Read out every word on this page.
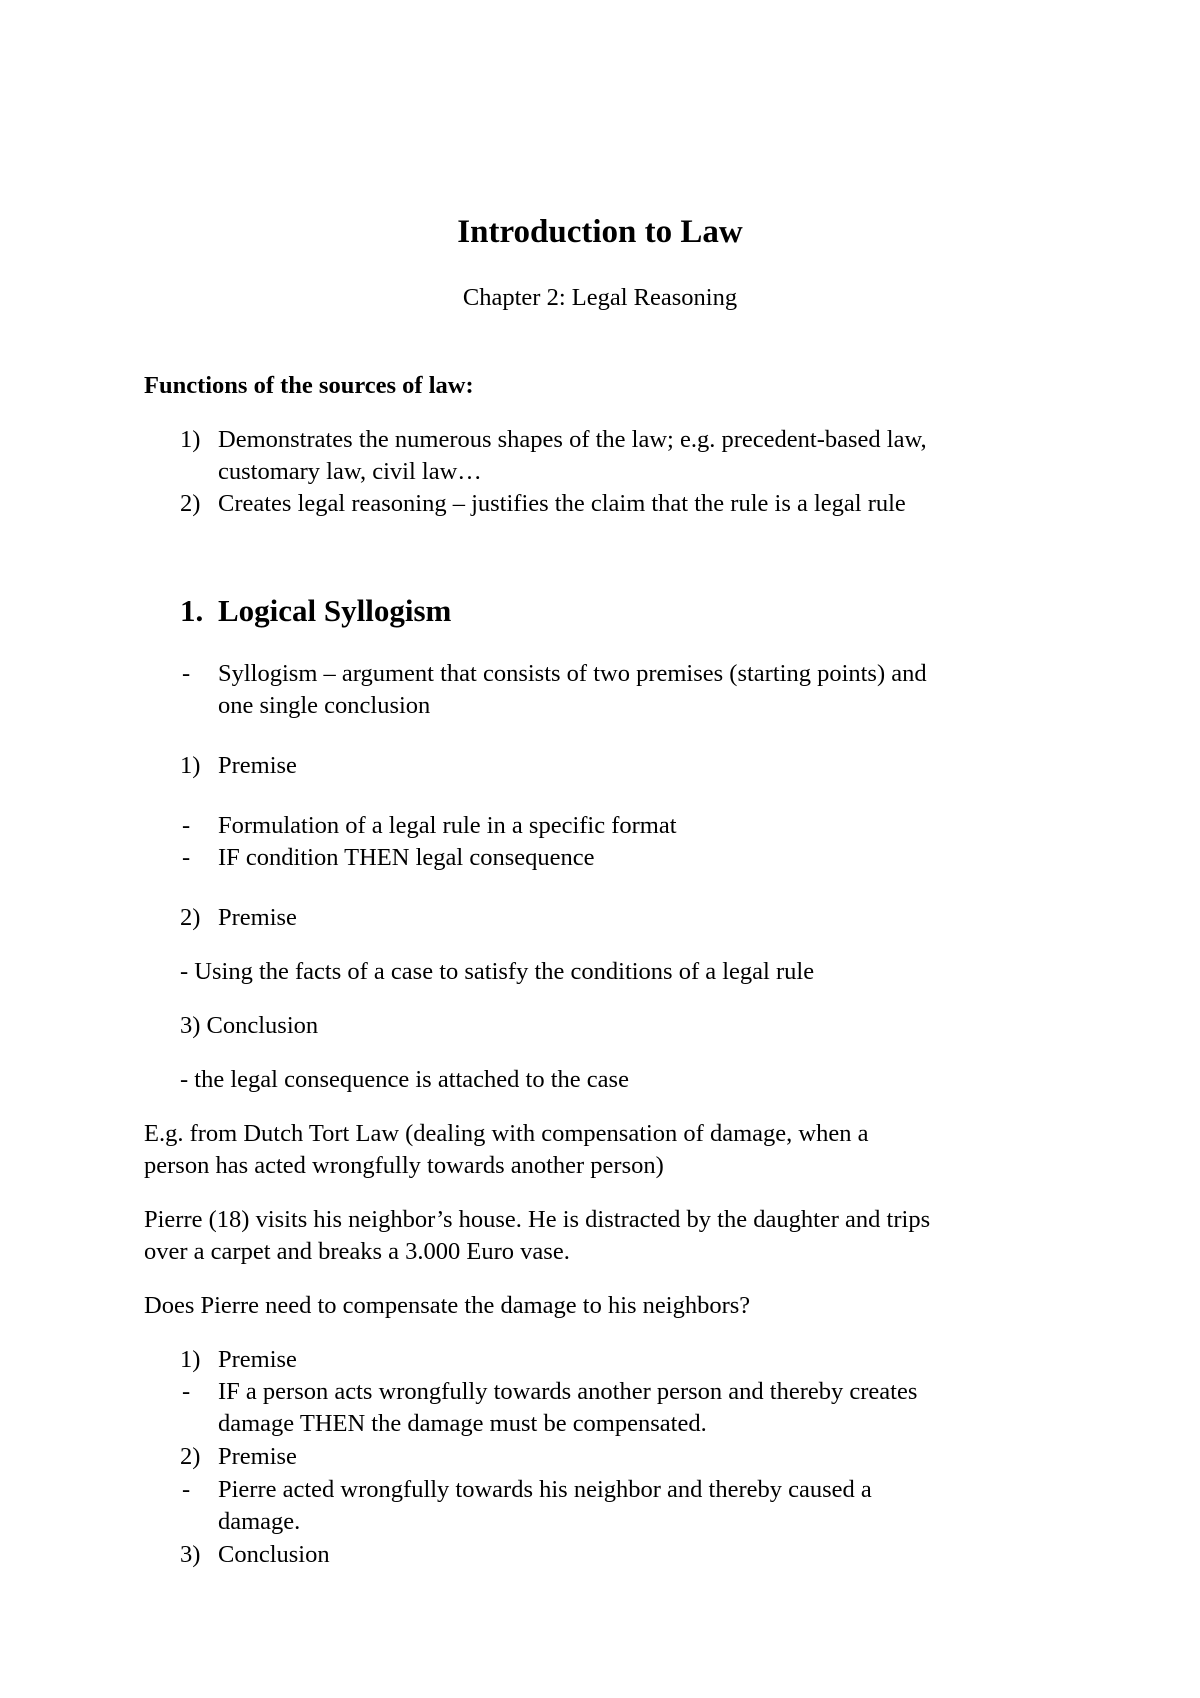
Introduction to Law
Chapter 2: Legal Reasoning
Functions of the sources of law:
1) Demonstrates the numerous shapes of the law; e.g. precedent-based law,
customary law, civil law…
2) Creates legal reasoning – justifies the claim that the rule is a legal rule
1. Logical Syllogism
- Syllogism – argument that consists of two premises (starting points) and
one single conclusion
1) Premise
- Formulation of a legal rule in a specific format
- IF condition THEN legal consequence
2) Premise
- Using the facts of a case to satisfy the conditions of a legal rule
3) Conclusion
- the legal consequence is attached to the case
E.g. from Dutch Tort Law (dealing with compensation of damage, when a
person has acted wrongfully towards another person)
Pierre (18) visits his neighbor’s house. He is distracted by the daughter and trips
over a carpet and breaks a 3.000 Euro vase.
Does Pierre need to compensate the damage to his neighbors?
1) Premise
- IF a person acts wrongfully towards another person and thereby creates
damage THEN the damage must be compensated.
2) Premise
- Pierre acted wrongfully towards his neighbor and thereby caused a
damage.
3) Conclusion
